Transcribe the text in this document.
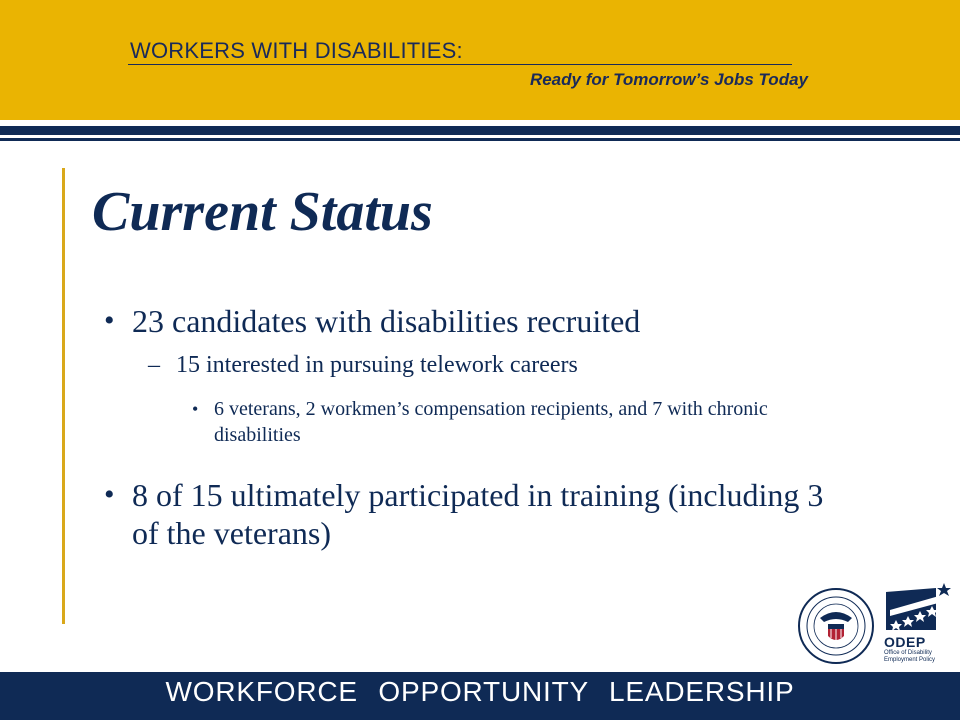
WORKERS WITH DISABILITIES:
Ready for Tomorrow’s Jobs Today
Current Status
• 23 candidates with disabilities recruited
– 15 interested in pursuing telework careers
• 6 veterans, 2 workmen’s compensation recipients, and 7 with chronic disabilities
• 8 of 15 ultimately participated in training (including 3 of the veterans)
ODEP
Office of Disability Employment Policy
WORKFORCE OPPORTUNITY LEADERSHIP
